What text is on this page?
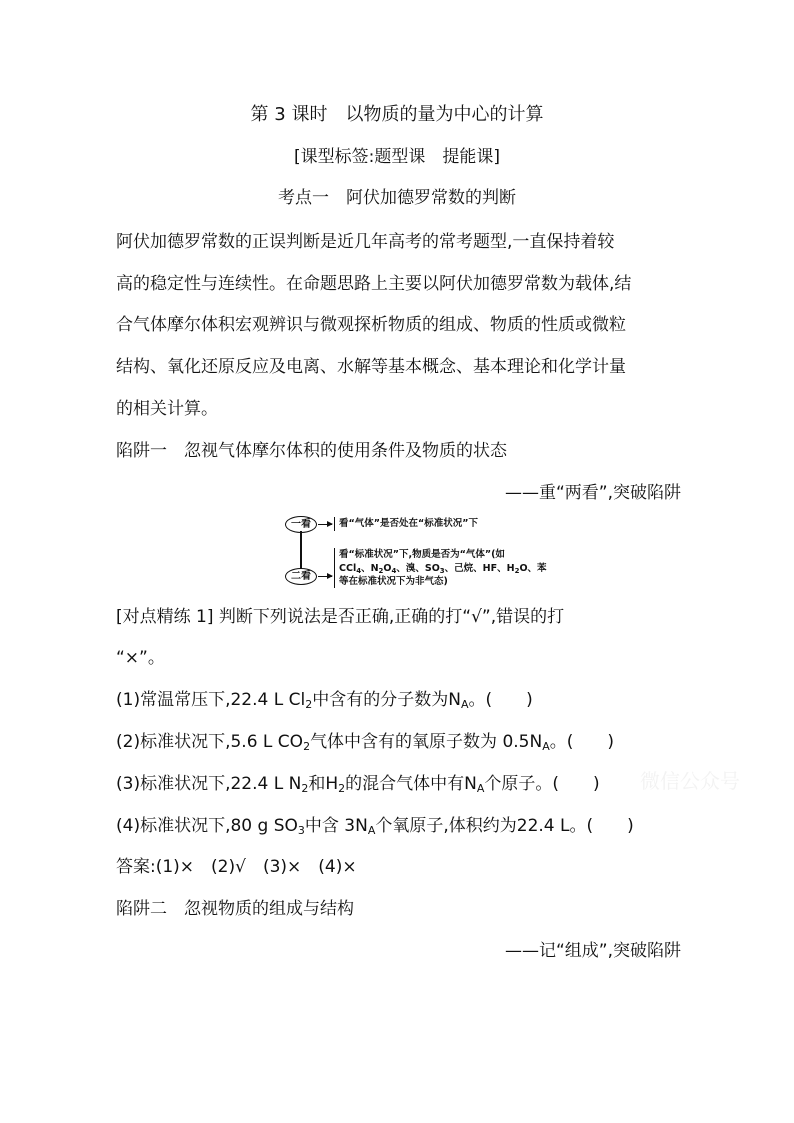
第 3 课时　以物质的量为中心的计算
[课型标签:题型课　提能课]
考点一　阿伏加德罗常数的判断
阿伏加德罗常数的正误判断是近几年高考的常考题型,一直保持着较
高的稳定性与连续性。在命题思路上主要以阿伏加德罗常数为载体,结
合气体摩尔体积宏观辨识与微观探析物质的组成、物质的性质或微粒
结构、氧化还原反应及电离、水解等基本概念、基本理论和化学计量
的相关计算。
陷阱一　忽视气体摩尔体积的使用条件及物质的状态
——重“两看”,突破陷阱
一看
二看
看“气体”是否处在“标准状况”下
看“标准状况”下,物质是否为“气体”(如
CCl$_4$、$N_2O_4$、溴、$SO_3$、己烷、HF、$H_2O$、苯
等在标准状况下为非气态)
[对点精练 1] 判断下列说法是否正确,正确的打“√”,错误的打
“×”。
(1)常温常压下,22.4 L $Cl_2$中含有的分子数为$N_A$。(　　)
(2)标准状况下,5.6 L $CO_2$气体中含有的氧原子数为 $0.5N_A$。(　　)
(3)标准状况下,22.4 L $N_2$和$H_2$的混合气体中有$N_A$个原子。(　　)
(4)标准状况下,80 g $SO_3$中含 $3N_A$个氧原子,体积约为22.4 L。(　　)
答案:(1)×　(2)√　(3)×　(4)×
陷阱二　忽视物质的组成与结构
——记“组成”,突破陷阱
微信公众号
